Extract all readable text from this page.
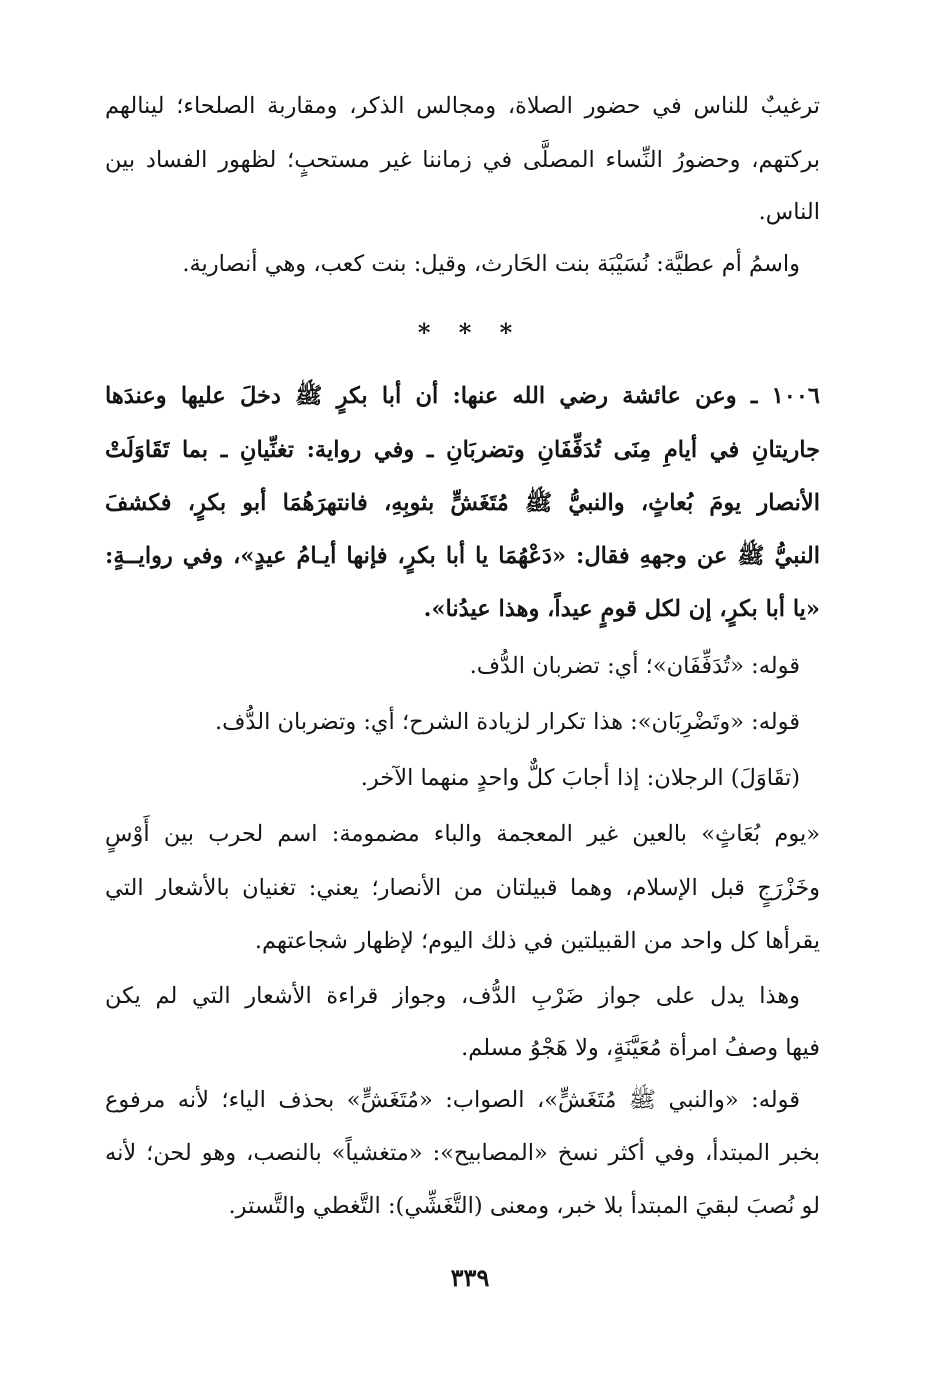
ترغيبٌ للناس في حضور الصلاة، ومجالس الذكر، ومقاربة الصلحاء؛ لينالهم
بركتهم، وحضورُ النِّساء المصلَّى في زماننا غير مستحبٍ؛ لظهور الفساد بين
الناس.
واسمُ أم عطيَّة: نُسَيْبَة بنت الحَارث، وقيل: بنت كعب، وهي أنصارية.
* * *
١٠٠٦ ـ وعن عائشة رضي الله عنها: أن أبا بكرٍ ﷺ دخلَ عليها وعندَها
جاريتانِ في أيامِ مِنَى تُدَفِّفَانِ وتضربَانِ ـ وفي رواية: تغنِّيانِ ـ بما تَقَاوَلَتْ
الأنصار يومَ بُعاثٍ، والنبيُّ ﷺ مُتَغَشٍّ بثوبِهِ، فانتهرَهُمَا أبو بكرٍ، فكشفَ
النبيُّ ﷺ عن وجههِ فقال: «دَعْهُمَا يا أبا بكرٍ، فإنها أيـامُ عيدٍ»، وفي روايــةٍ:
«يا أبا بكرٍ، إن لكل قومٍ عيداً، وهذا عيدُنا».
قوله: «تُدَفِّفَان»؛ أي: تضربان الدُّف.
قوله: «وتَضْرِبَان»: هذا تكرار لزيادة الشرح؛ أي: وتضربان الدُّف.
(تقَاوَلَ) الرجلان: إذا أجابَ كلٌّ واحدٍ منهما الآخر.
«يوم بُعَاثٍ» بالعين غير المعجمة والباء مضمومة: اسم لحرب بين أَوْسٍ
وخَزْرَجٍ قبل الإسلام، وهما قبيلتان من الأنصار؛ يعني: تغنيان بالأشعار التي
يقرأها كل واحد من القبيلتين في ذلك اليوم؛ لإظهار شجاعتهم.
وهذا يدل على جواز ضَرْبِ الدُّف، وجواز قراءة الأشعار التي لم يكن
فيها وصفُ امرأة مُعَيَّنَةٍ، ولا هَجْوُ مسلم.
قوله: «والنبي ﷺ مُتَغَشٍّ»، الصواب: «مُتَغَشٍّ» بحذف الياء؛ لأنه مرفوع
بخبر المبتدأ، وفي أكثر نسخ «المصابيح»: «متغشياً» بالنصب، وهو لحن؛ لأنه
لو نُصبَ لبقيَ المبتدأ بلا خبر، ومعنى (التَّغَشِّي): التَّغطي والتَّستر.
٣٣٩
